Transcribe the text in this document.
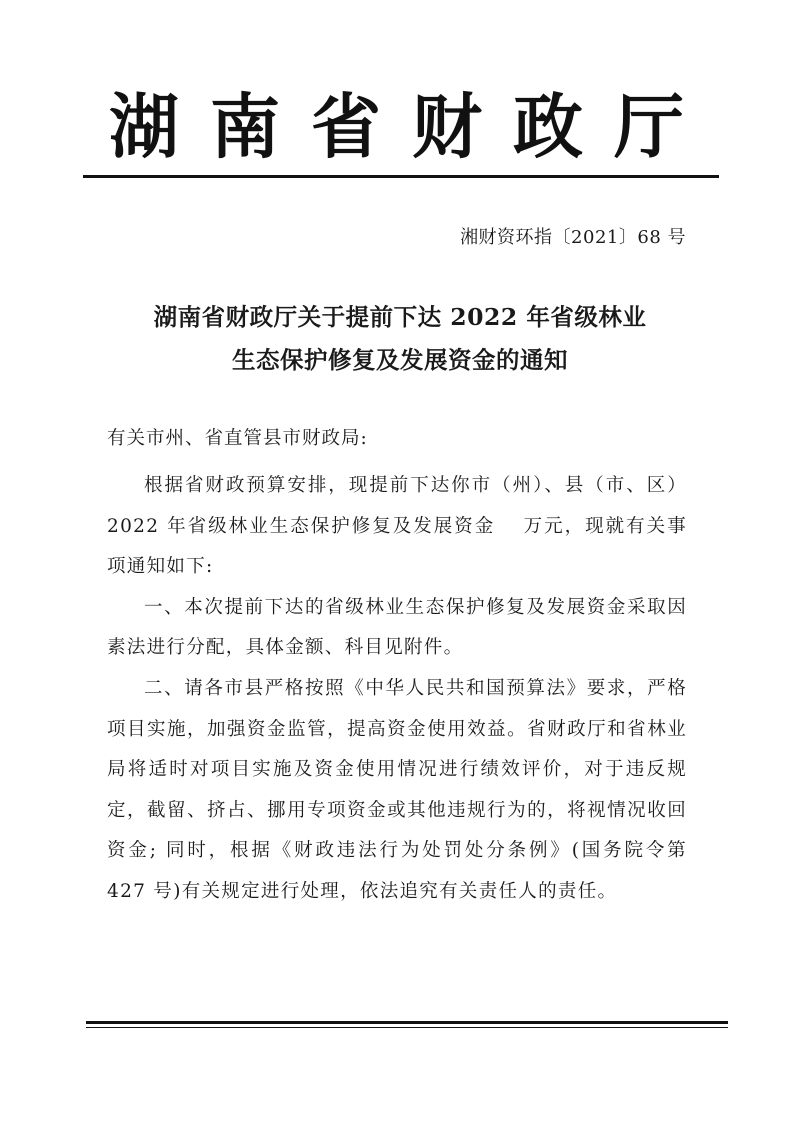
湖南省财政厅
湘财资环指〔2021〕68 号
湖南省财政厅关于提前下达 2022 年省级林业
生态保护修复及发展资金的通知
有关市州、省直管县市财政局:

根据省财政预算安排，现提前下达你市（州）、县（市、区）2022 年省级林业生态保护修复及发展资金　 万元，现就有关事项通知如下:

一、本次提前下达的省级林业生态保护修复及发展资金采取因素法进行分配，具体金额、科目见附件。

二、请各市县严格按照《中华人民共和国预算法》要求，严格项目实施，加强资金监管，提高资金使用效益。省财政厅和省林业局将适时对项目实施及资金使用情况进行绩效评价，对于违反规定，截留、挤占、挪用专项资金或其他违规行为的，将视情况收回资金; 同时，根据《财政违法行为处罚处分条例》(国务院令第 427 号)有关规定进行处理，依法追究有关责任人的责任。
